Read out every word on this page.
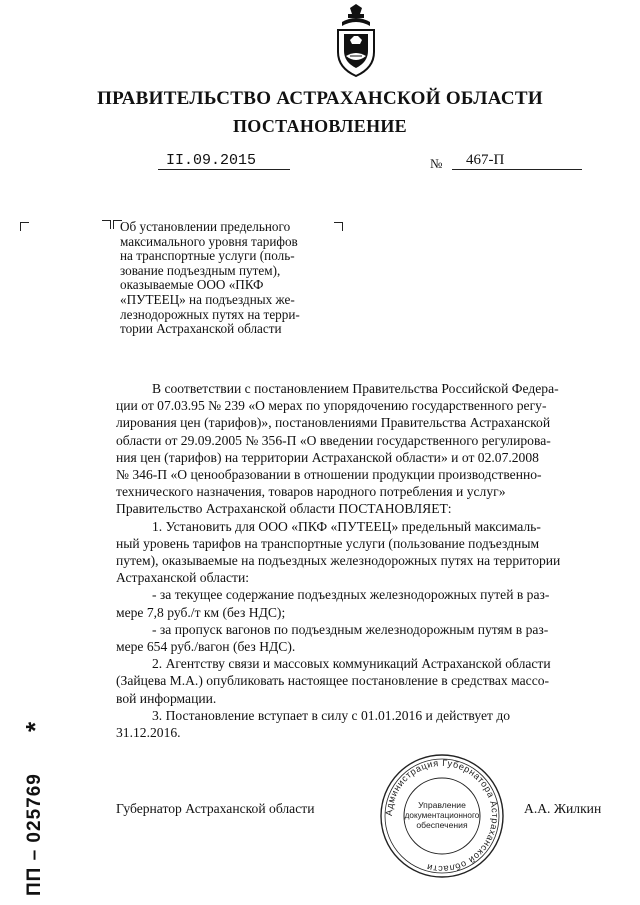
ПРАВИТЕЛЬСТВО АСТРАХАНСКОЙ ОБЛАСТИ
ПОСТАНОВЛЕНИЕ
II.09.2015	№	467-П
Об установлении предельного
максимального уровня тарифов
на транспортные услуги (поль-
зование подъездным путем),
оказываемые ООО «ПКФ
«ПУТЕЕЦ» на подъездных же-
лезнодорожных путях на терри-
тории Астраханской области
В соответствии с постановлением Правительства Российской Федера-
ции от 07.03.95 № 239 «О мерах по упорядочению государственного регу-
лирования цен (тарифов)», постановлениями Правительства Астраханской
области от 29.09.2005 № 356-П «О введении государственного регулирова-
ния цен (тарифов) на территории Астраханской области» и от 02.07.2008
№ 346-П «О ценообразовании в отношении продукции производственно-
технического назначения, товаров народного потребления и услуг»
Правительство Астраханской области ПОСТАНОВЛЯЕТ:
1. Установить для ООО «ПКФ «ПУТЕЕЦ» предельный максималь-
ный уровень тарифов на транспортные услуги (пользование подъездным
путем), оказываемые на подъездных железнодорожных путях на территории
Астраханской области:
- за текущее содержание подъездных железнодорожных путей в раз-
мере 7,8 руб./т км (без НДС);
- за пропуск вагонов по подъездным железнодорожным путям в раз-
мере 654 руб./вагон (без НДС).
2. Агентству связи и массовых коммуникаций Астраханской области
(Зайцева М.А.) опубликовать настоящее постановление в средствах массо-
вой информации.
3. Постановление вступает в силу с 01.01.2016 и действует до
31.12.2016.
Губернатор Астраханской области	А.А. Жилкин
Администрация Губернатора Астраханской области
Управление
документационного
обеспечения
ПП – 025769
*
